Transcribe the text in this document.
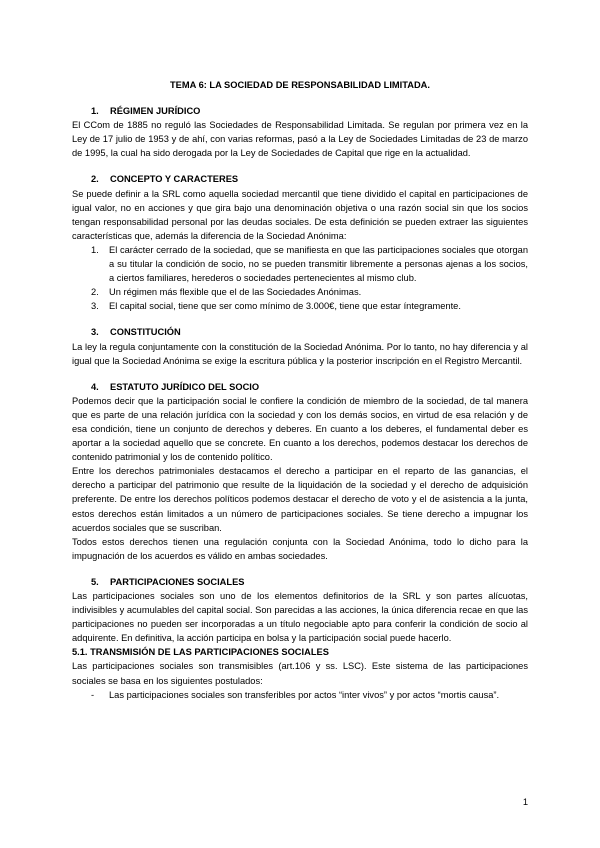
TEMA 6: LA SOCIEDAD DE RESPONSABILIDAD LIMITADA.

1. RÉGIMEN JURÍDICO

El CCom de 1885 no reguló las Sociedades de Responsabilidad Limitada. Se regulan por primera vez en la Ley de 17 julio de 1953 y de ahí, con varias reformas, pasó a la Ley de Sociedades Limitadas de 23 de marzo de 1995, la cual ha sido derogada por la Ley de Sociedades de Capital que rige en la actualidad.

2. CONCEPTO Y CARACTERES

Se puede definir a la SRL como aquella sociedad mercantil que tiene dividido el capital en participaciones de igual valor, no en acciones y que gira bajo una denominación objetiva o una razón social sin que los socios tengan responsabilidad personal por las deudas sociales. De esta definición se pueden extraer las siguientes características que, además la diferencia de la Sociedad Anónima:

1. El carácter cerrado de la sociedad, que se manifiesta en que las participaciones sociales que otorgan a su titular la condición de socio, no se pueden transmitir libremente a personas ajenas a los socios, a ciertos familiares, herederos o sociedades pertenecientes al mismo club.
2. Un régimen más flexible que el de las Sociedades Anónimas.
3. El capital social, tiene que ser como mínimo de 3.000€, tiene que estar íntegramente.

3. CONSTITUCIÓN

La ley la regula conjuntamente con la constitución de la Sociedad Anónima. Por lo tanto, no hay diferencia y al igual que la Sociedad Anónima se exige la escritura pública y la posterior inscripción en el Registro Mercantil.

4. ESTATUTO JURÍDICO DEL SOCIO

Podemos decir que la participación social le confiere la condición de miembro de la sociedad, de tal manera que es parte de una relación jurídica con la sociedad y con los demás socios, en virtud de esa relación y de esa condición, tiene un conjunto de derechos y deberes. En cuanto a los deberes, el fundamental deber es aportar a la sociedad aquello que se concrete. En cuanto a los derechos, podemos destacar los derechos de contenido patrimonial y los de contenido político.

Entre los derechos patrimoniales destacamos el derecho a participar en el reparto de las ganancias, el derecho a participar del patrimonio que resulte de la liquidación de la sociedad y el derecho de adquisición preferente. De entre los derechos políticos podemos destacar el derecho de voto y el de asistencia a la junta, estos derechos están limitados a un número de participaciones sociales. Se tiene derecho a impugnar los acuerdos sociales que se suscriban.

Todos estos derechos tienen una regulación conjunta con la Sociedad Anónima, todo lo dicho para la impugnación de los acuerdos es válido en ambas sociedades.

5. PARTICIPACIONES SOCIALES

Las participaciones sociales son uno de los elementos definitorios de la SRL y son partes alícuotas, indivisibles y acumulables del capital social. Son parecidas a las acciones, la única diferencia recae en que las participaciones no pueden ser incorporadas a un título negociable apto para conferir la condición de socio al adquirente. En definitiva, la acción participa en bolsa y la participación social puede hacerlo.

5.1. TRANSMISIÓN DE LAS PARTICIPACIONES SOCIALES

Las participaciones sociales son transmisibles (art.106 y ss. LSC). Este sistema de las participaciones sociales se basa en los siguientes postulados:

- Las participaciones sociales son transferibles por actos “inter vivos” y por actos “mortis causa”.
1
